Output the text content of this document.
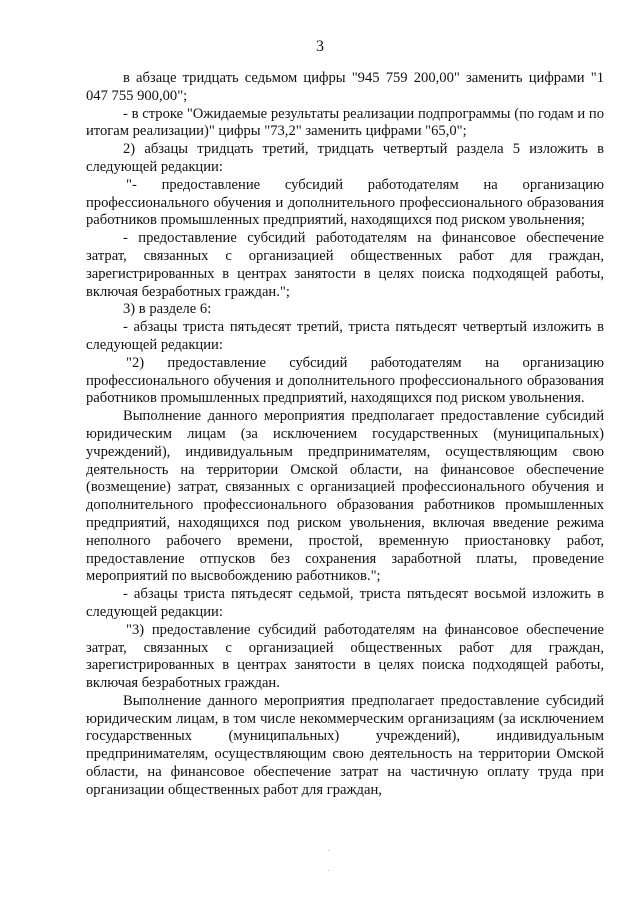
3

в абзаце тридцать седьмом цифры "945 759 200,00" заменить цифрами "1 047 755 900,00";

- в строке "Ожидаемые результаты реализации подпрограммы (по годам и по итогам реализации)" цифры "73,2" заменить цифрами "65,0";

2) абзацы тридцать третий, тридцать четвертый раздела 5 изложить в следующей редакции:

"- предоставление субсидий работодателям на организацию профессионального обучения и дополнительного профессионального образования работников промышленных предприятий, находящихся под риском увольнения;

- предоставление субсидий работодателям на финансовое обеспечение затрат, связанных с организацией общественных работ для граждан, зарегистрированных в центрах занятости в целях поиска подходящей работы, включая безработных граждан.";

3) в разделе 6:

- абзацы триста пятьдесят третий, триста пятьдесят четвертый изложить в следующей редакции:

"2) предоставление субсидий работодателям на организацию профессионального обучения и дополнительного профессионального образования работников промышленных предприятий, находящихся под риском увольнения.

Выполнение данного мероприятия предполагает предоставление субсидий юридическим лицам (за исключением государственных (муниципальных) учреждений), индивидуальным предпринимателям, осуществляющим свою деятельность на территории Омской области, на финансовое обеспечение (возмещение) затрат, связанных с организацией профессионального обучения и дополнительного профессионального образования работников промышленных предприятий, находящихся под риском увольнения, включая введение режима неполного рабочего времени, простой, временную приостановку работ, предоставление отпусков без сохранения заработной платы, проведение мероприятий по высвобождению работников.";

- абзацы триста пятьдесят седьмой, триста пятьдесят восьмой изложить в следующей редакции:

"3) предоставление субсидий работодателям на финансовое обеспечение затрат, связанных с организацией общественных работ для граждан, зарегистрированных в центрах занятости в целях поиска подходящей работы, включая безработных граждан.

Выполнение данного мероприятия предполагает предоставление субсидий юридическим лицам, в том числе некоммерческим организациям (за исключением государственных (муниципальных) учреждений), индивидуальным предпринимателям, осуществляющим свою деятельность на территории Омской области, на финансовое обеспечение затрат на частичную оплату труда при организации общественных работ для граждан,
